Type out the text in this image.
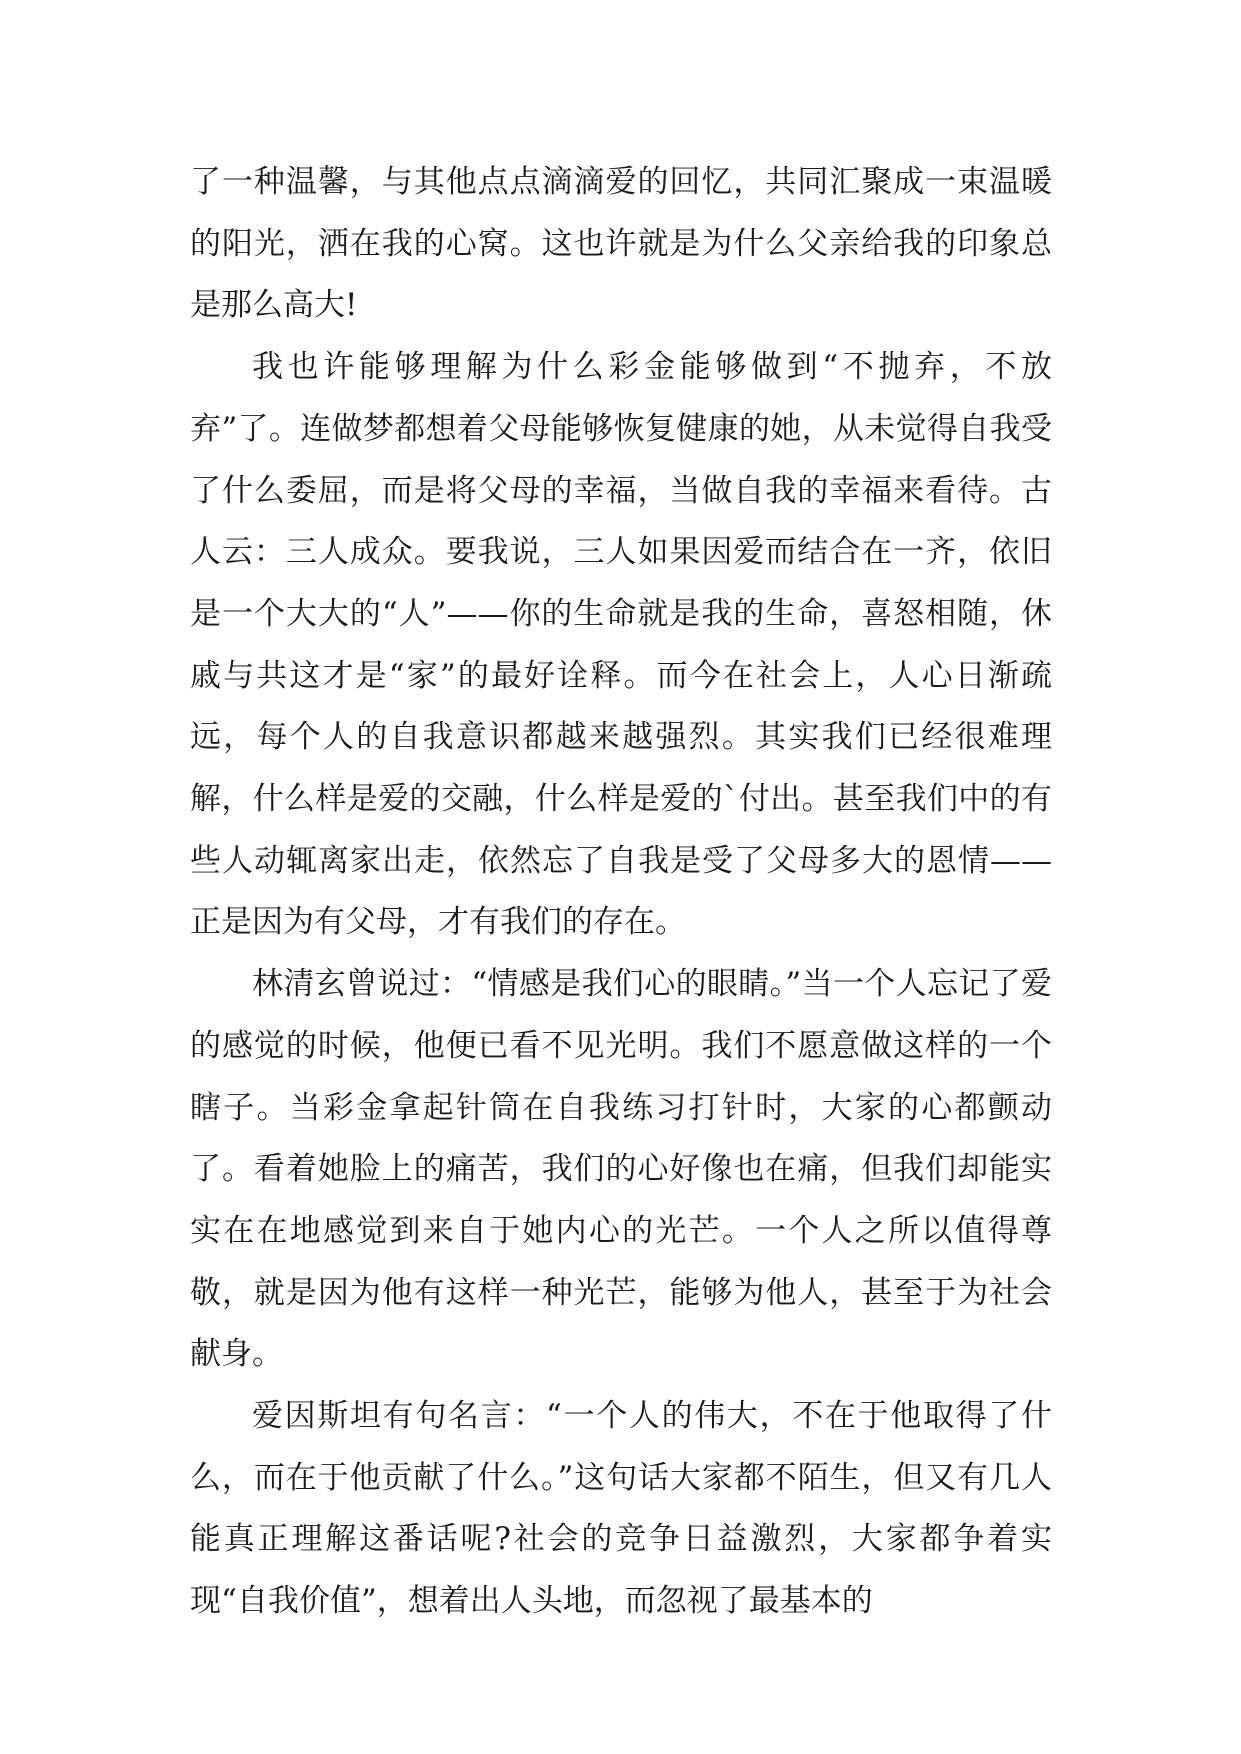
了一种温馨，与其他点点滴滴爱的回忆，共同汇聚成一束温暖的阳光，洒在我的心窝。这也许就是为什么父亲给我的印象总是那么高大!

我也许能够理解为什么彩金能够做到“不抛弃，不放弃”了。连做梦都想着父母能够恢复健康的她，从未觉得自我受了什么委屈，而是将父母的幸福，当做自我的幸福来看待。古人云：三人成众。要我说，三人如果因爱而结合在一齐，依旧是一个大大的“人”——你的生命就是我的生命，喜怒相随，休戚与共这才是“家”的最好诠释。而今在社会上，人心日渐疏远，每个人的自我意识都越来越强烈。其实我们已经很难理解，什么样是爱的交融，什么样是爱的`付出。甚至我们中的有些人动辄离家出走，依然忘了自我是受了父母多大的恩情——正是因为有父母，才有我们的存在。

林清玄曾说过：“情感是我们心的眼睛。”当一个人忘记了爱的感觉的时候，他便已看不见光明。我们不愿意做这样的一个瞎子。当彩金拿起针筒在自我练习打针时，大家的心都颤动了。看着她脸上的痛苦，我们的心好像也在痛，但我们却能实实在在地感觉到来自于她内心的光芒。一个人之所以值得尊敬，就是因为他有这样一种光芒，能够为他人，甚至于为社会献身。

爱因斯坦有句名言：“一个人的伟大，不在于他取得了什么，而在于他贡献了什么。”这句话大家都不陌生，但又有几人能真正理解这番话呢?社会的竞争日益激烈，大家都争着实现“自我价值”，想着出人头地，而忽视了最基本的
